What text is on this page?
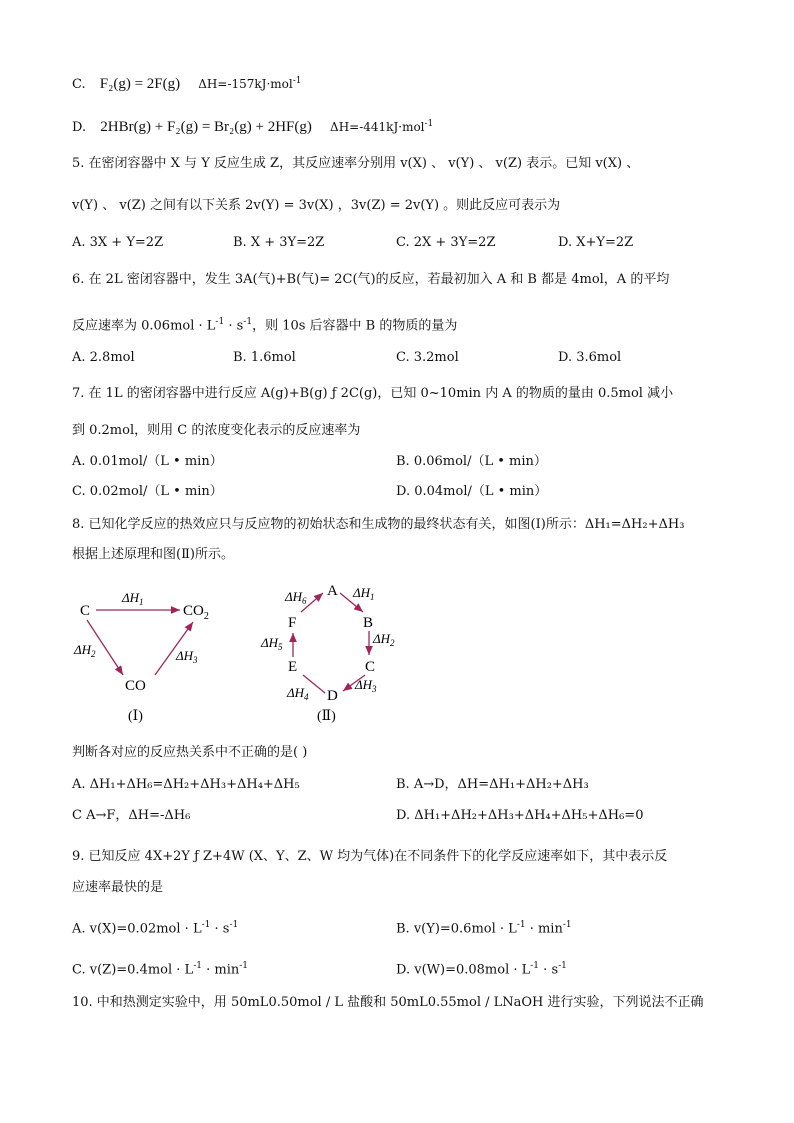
C. F₂(g) = 2F(g) ΔH=-157kJ·mol$^{-1}$
D. 2HBr(g) + F₂(g) = Br₂(g) + 2HF(g) ΔH=-441kJ·mol$^{-1}$
5. 在密闭容器中 X 与 Y 反应生成 Z，其反应速率分别用 v(X) 、 v(Y) 、 v(Z) 表示。已知 v(X) 、
v(Y) 、 v(Z) 之间有以下关系 2v(Y) = 3v(X) ，3v(Z) = 2v(Y) 。则此反应可表示为
A. 3X + Y=2Z	B. X + 3Y=2Z	C. 2X + 3Y=2Z	D. X+Y=2Z
6. 在 2L 密闭容器中，发生 3A(气)+B(气)= 2C(气)的反应，若最初加入 A 和 B 都是 4mol，A 的平均
反应速率为 $0.06mol \cdot L^{-1} \cdot s^{-1}$，则 10s 后容器中 B 的物质的量为
A. 2.8mol	B. 1.6mol	C. 3.2mol	D. 3.6mol
7. 在 1L 的密闭容器中进行反应 A(g)+B(g) ƒ 2C(g)，已知 0~10min 内 A 的物质的量由 0.5mol 减小
到 0.2mol，则用 C 的浓度变化表示的反应速率为
A. 0.01mol/（L • min）	B. 0.06mol/（L • min）
C. 0.02mol/（L • min）	D. 0.04mol/（L • min）
8. 已知化学反应的热效应只与反应物的初始状态和生成物的最终状态有关，如图(Ⅰ)所示：ΔH₁=ΔH₂+ΔH₃
根据上述原理和图(Ⅱ)所示。
C	$CO_2$
CO
$\Delta H_1$
$\Delta H_2$	$\Delta H_3$
(Ⅰ)
A
B
C
D
E
F
$\Delta H_6$
$\Delta H_1$
$\Delta H_2$
$\Delta H_5$
$\Delta H_3$
$\Delta H_4$
(Ⅱ)
判断各对应的反应热关系中不正确的是( )
A. ΔH₁+ΔH₆=ΔH₂+ΔH₃+ΔH₄+ΔH₅	B. A→D，ΔH=ΔH₁+ΔH₂+ΔH₃
C A→F，ΔH=-ΔH₆	D. ΔH₁+ΔH₂+ΔH₃+ΔH₄+ΔH₅+ΔH₆=0
9. 已知反应 4X+2Y ƒ Z+4W (X、Y、Z、W 均为气体)在不同条件下的化学反应速率如下，其中表示反
应速率最快的是
A. $v(X)=0.02mol \cdot L^{-1} \cdot s^{-1}$	B. $v(Y)=0.6mol \cdot L^{-1} \cdot \min^{-1}$
C. $v(Z)=0.4mol \cdot L^{-1} \cdot \min^{-1}$	D. $v(W)=0.08mol \cdot L^{-1} \cdot s^{-1}$
10. 中和热测定实验中，用 50mL0.50mol / L 盐酸和 50mL0.55mol / LNaOH 进行实验，下列说法不正确
